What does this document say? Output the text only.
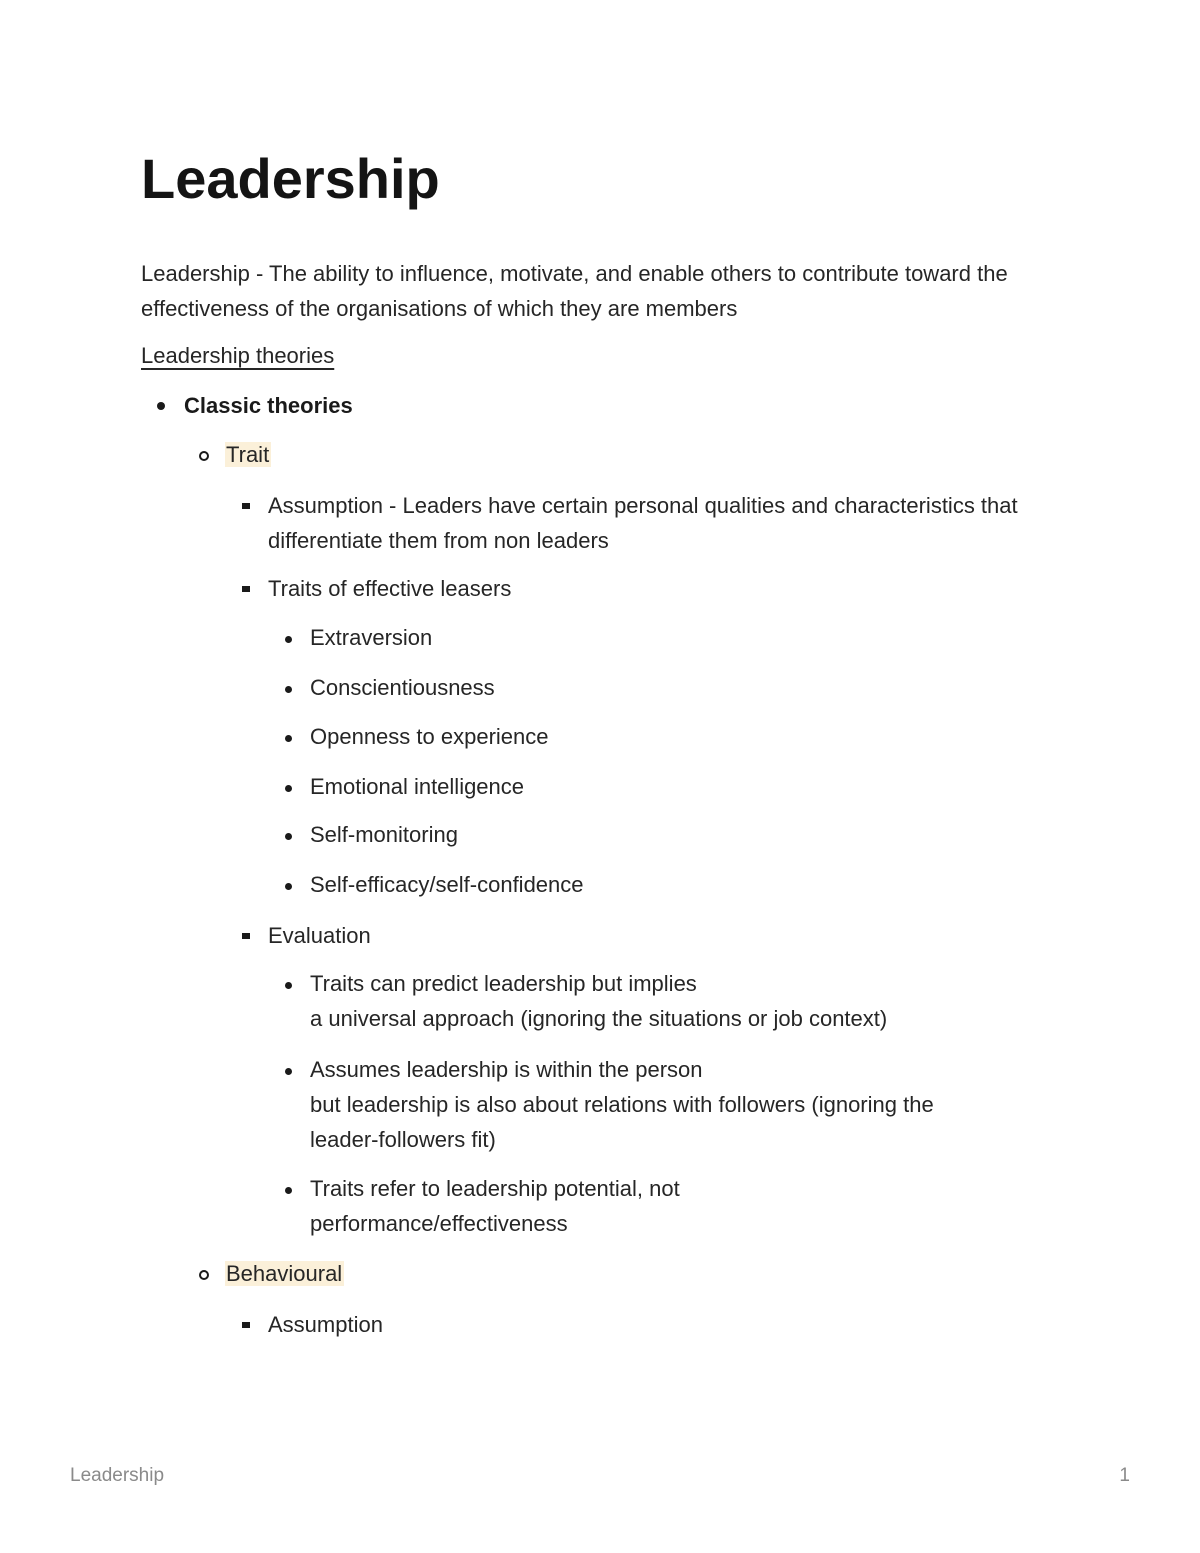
Leadership

Leadership - The ability to influence, motivate, and enable others to contribute toward the effectiveness of the organisations of which they are members

Leadership theories

Classic theories

Trait

Assumption - Leaders have certain personal qualities and characteristics that differentiate them from non leaders

Traits of effective leasers

Extraversion

Conscientiousness

Openness to experience

Emotional intelligence

Self-monitoring

Self-efficacy/self-confidence

Evaluation

Traits can predict leadership but implies
a universal approach (ignoring the situations or job context)
Assumes leadership is within the person
but leadership is also about relations with followers (ignoring the leader-followers fit)
Traits refer to leadership potential, not
performance/effectiveness

Behavioural

Assumption

Leadership	1
